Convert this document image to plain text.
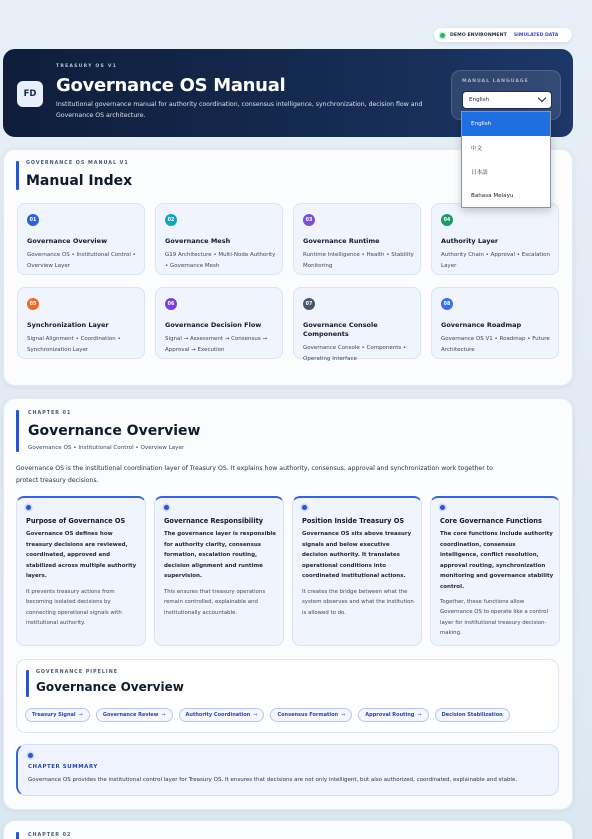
DEMO ENVIRONMENT SIMULATED DATA
FD
TREASURY OS V1
Governance OS Manual
Institutional governance manual for authority coordination, consensus intelligence, synchronization, decision flow and Governance OS architecture.
MANUAL LANGUAGE
English
English
中文
日本語
Bahasa Melayu
GOVERNANCE OS MANUAL V1
Manual Index
01
Governance Overview
Governance OS • Institutional Control • Overview Layer
02
Governance Mesh
G19 Architecture • Multi-Node Authority • Governance Mesh
03
Governance Runtime
Runtime Intelligence • Health • Stability Monitoring
04
Authority Layer
Authority Chain • Approval • Escalation Layer
05
Synchronization Layer
Signal Alignment • Coordination • Synchronization Layer
06
Governance Decision Flow
Signal → Assessment → Consensus → Approval → Execution
07
Governance Console Components
Governance Console • Components • Operating Interface
08
Governance Roadmap
Governance OS V1 • Roadmap • Future Architecture
CHAPTER 01
Governance Overview
Governance OS • Institutional Control • Overview Layer
Governance OS is the institutional coordination layer of Treasury OS. It explains how authority, consensus, approval and synchronization work together to protect treasury decisions.
Purpose of Governance OS
Governance OS defines how treasury decisions are reviewed, coordinated, approved and stabilized across multiple authority layers.
It prevents treasury actions from becoming isolated decisions by connecting operational signals with institutional authority.
Governance Responsibility
The governance layer is responsible for authority clarity, consensus formation, escalation routing, decision alignment and runtime supervision.
This ensures that treasury operations remain controlled, explainable and institutionally accountable.
Position Inside Treasury OS
Governance OS sits above treasury signals and below executive decision authority. It translates operational conditions into coordinated institutional actions.
It creates the bridge between what the system observes and what the institution is allowed to do.
Core Governance Functions
The core functions include authority coordination, consensus intelligence, conflict resolution, approval routing, synchronization monitoring and governance stability control.
Together, these functions allow Governance OS to operate like a control layer for institutional treasury decision-making.
GOVERNANCE PIPELINE
Governance Overview
Treasury Signal →	Governance Review →	Authority Coordination →	Consensus Formation →	Approval Routing →	Decision Stabilization
CHAPTER SUMMARY
Governance OS provides the institutional control layer for Treasury OS. It ensures that decisions are not only intelligent, but also authorized, coordinated, explainable and stable.
CHAPTER 02
